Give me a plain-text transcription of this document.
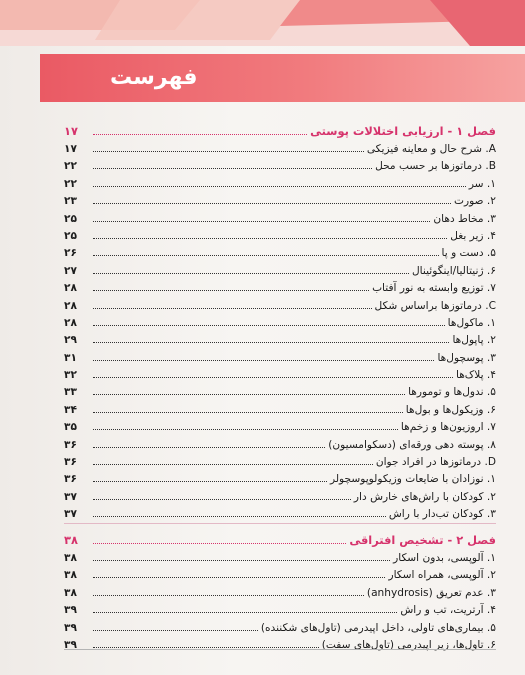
فهرست
فصل ۱ - ارزیابی اختلالات پوستی
۱۷
A. شرح حال و معاینه فیزیکی
۱۷
B. درماتوزها بر حسب محل
۲۲
۱. سر
۲۲
۲. صورت
۲۳
۳. مخاط دهان
۲۵
۴. زیر بغل
۲۵
۵. دست و پا
۲۶
۶. ژنیتالیا/اینگوئینال
۲۷
۷. توزیع وابسته به نور آفتاب
۲۸
C. درماتوزها براساس شکل
۲۸
۱. ماکول‌ها
۲۸
۲. پاپول‌ها
۲۹
۳. پوسچول‌ها
۳۱
۴. پلاک‌ها
۳۲
۵. ندول‌ها و تومورها
۳۳
۶. وزیکول‌ها و بول‌ها
۳۴
۷. اروزیون‌ها و زخم‌ها
۳۵
۸. پوسته دهی ورقه‌ای (دسکوامسیون)
۳۶
D. درماتوزها در افراد جوان
۳۶
۱. نوزادان با ضایعات وزیکولوپوسچولر
۳۶
۲. کودکان با راش‌های خارش دار
۳۷
۳. کودکان تب‌دار با راش
۳۷
فصل ۲ - تشخیص افتراقی
۳۸
۱. آلوپسی، بدون اسکار
۳۸
۲. آلوپسی، همراه اسکار
۳۸
۳. عدم تعریق (anhydrosis)
۳۸
۴. آرتریت، تب و راش
۳۹
۵. بیماری‌های تاولی، داخل اپیدرمی (تاول‌های شکننده)
۳۹
۶. تاول‌ها، زیر اپیدرمی (تاول‌های سفت)
۳۹
